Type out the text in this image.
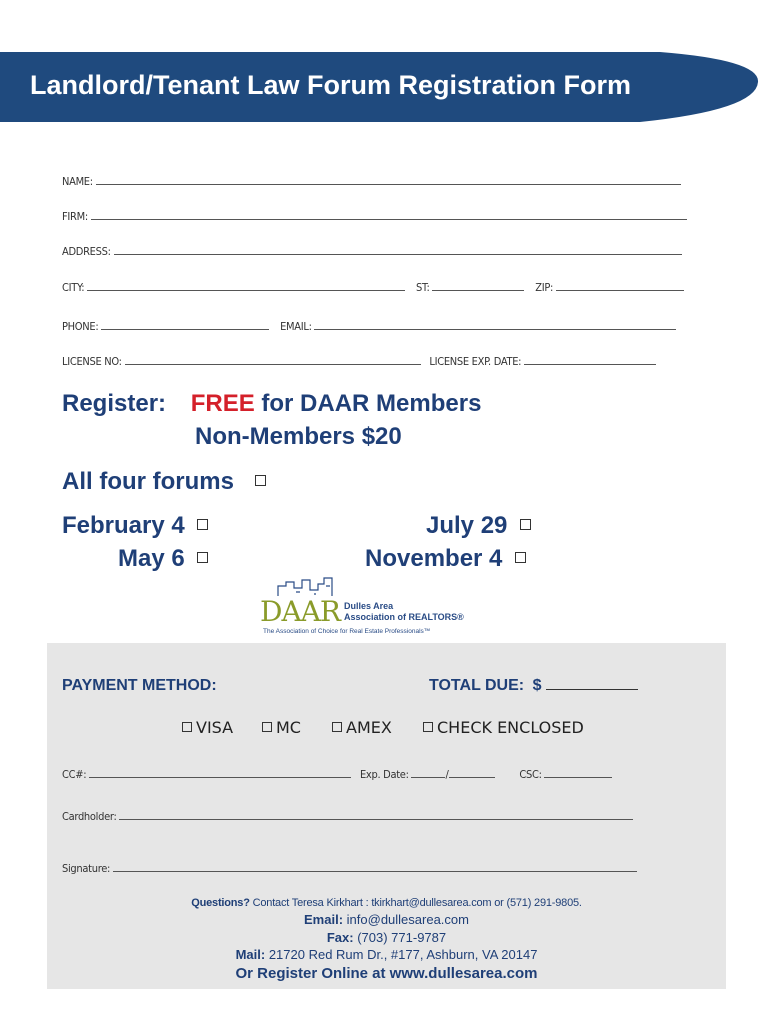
Landlord/Tenant Law Forum Registration Form
NAME:
FIRM:
ADDRESS:
CITY:	ST:	ZIP:
PHONE:	EMAIL:
LICENSE NO:	LICENSE EXP. DATE:
Register: FREE for DAAR Members
Non-Members $20
All four forums
February 4
May 6
July 29
November 4
DAAR Dulles Area
Association of REALTORS®
The Association of Choice for Real Estate Professionals™
PAYMENT METHOD:	TOTAL DUE: $
VISA	MC	AMEX	CHECK ENCLOSED
CC#:	Exp. Date:	/	CSC:
Cardholder:
Signature:
Questions? Contact Teresa Kirkhart : tkirkhart@dullesarea.com or (571) 291-9805.
Email: info@dullesarea.com
Fax: (703) 771-9787
Mail: 21720 Red Rum Dr., #177, Ashburn, VA 20147
Or Register Online at www.dullesarea.com
